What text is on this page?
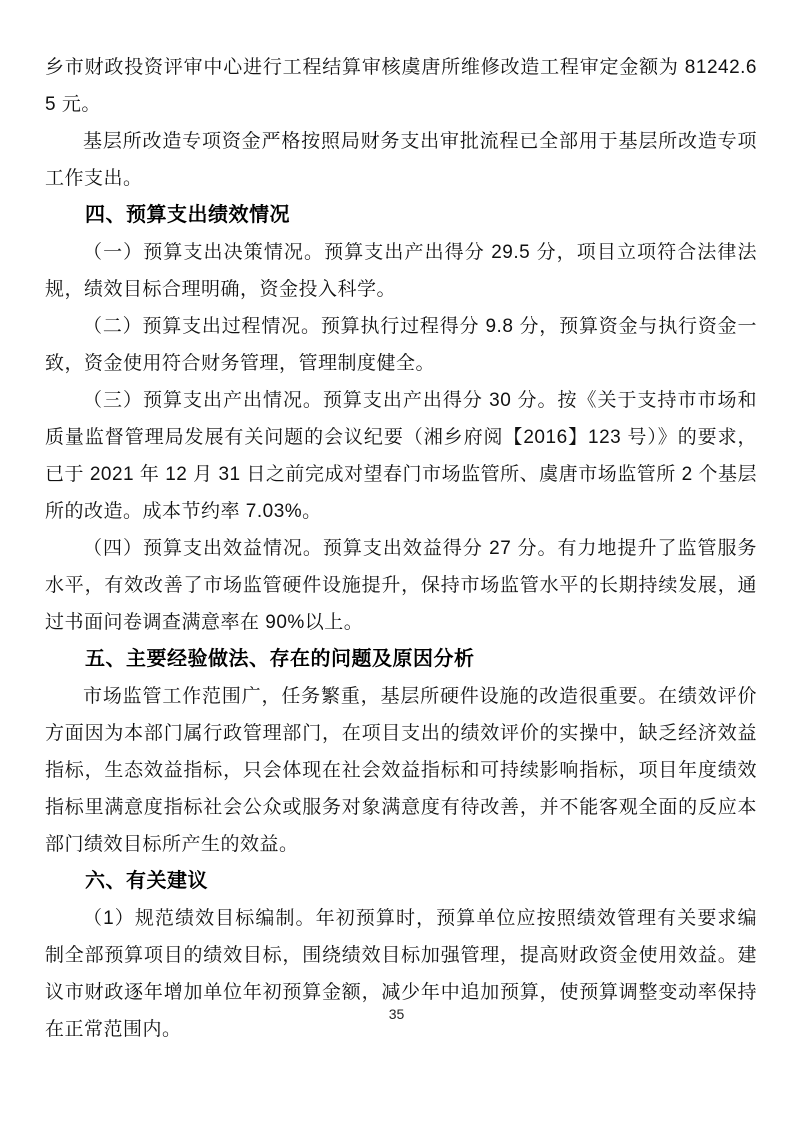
乡市财政投资评审中心进行工程结算审核虞唐所维修改造工程审定金额为 81242.65 元。

基层所改造专项资金严格按照局财务支出审批流程已全部用于基层所改造专项工作支出。

四、预算支出绩效情况

（一）预算支出决策情况。预算支出产出得分 29.5 分，项目立项符合法律法规，绩效目标合理明确，资金投入科学。

（二）预算支出过程情况。预算执行过程得分 9.8 分，预算资金与执行资金一致，资金使用符合财务管理，管理制度健全。

（三）预算支出产出情况。预算支出产出得分 30 分。按《关于支持市市场和质量监督管理局发展有关问题的会议纪要（湘乡府阅【2016】123 号）》的要求，已于 2021 年 12 月 31 日之前完成对望春门市场监管所、虞唐市场监管所 2 个基层所的改造。成本节约率 7.03%。

（四）预算支出效益情况。预算支出效益得分 27 分。有力地提升了监管服务水平，有效改善了市场监管硬件设施提升，保持市场监管水平的长期持续发展，通过书面问卷调查满意率在 90%以上。

五、主要经验做法、存在的问题及原因分析

市场监管工作范围广，任务繁重，基层所硬件设施的改造很重要。在绩效评价方面因为本部门属行政管理部门，在项目支出的绩效评价的实操中，缺乏经济效益指标，生态效益指标，只会体现在社会效益指标和可持续影响指标，项目年度绩效指标里满意度指标社会公众或服务对象满意度有待改善，并不能客观全面的反应本部门绩效目标所产生的效益。

六、有关建议

（1）规范绩效目标编制。年初预算时，预算单位应按照绩效管理有关要求编制全部预算项目的绩效目标，围绕绩效目标加强管理，提高财政资金使用效益。建议市财政逐年增加单位年初预算金额，减少年中追加预算，使预算调整变动率保持在正常范围内。

35
